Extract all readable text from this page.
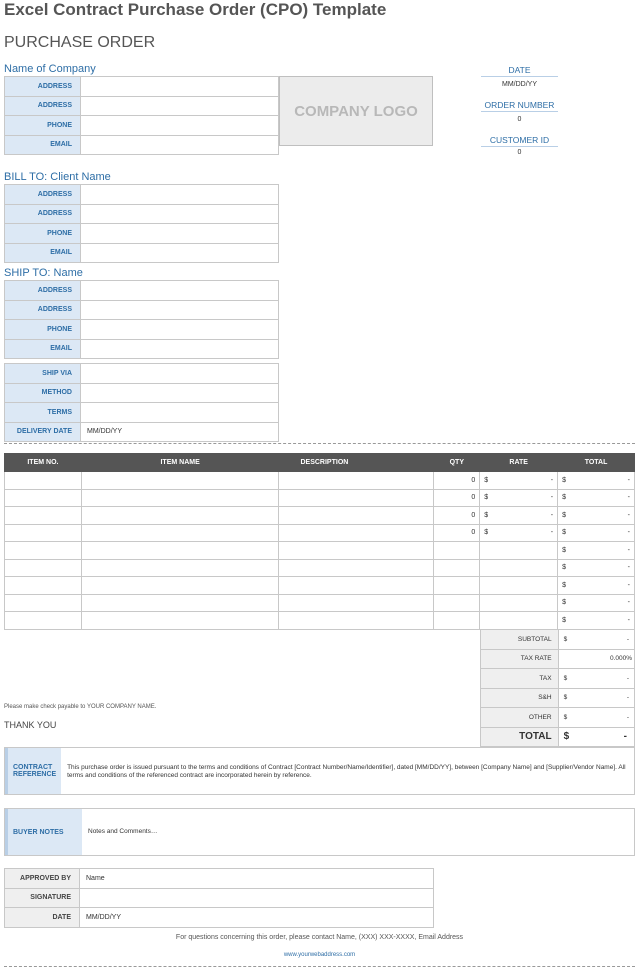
Excel Contract Purchase Order (CPO) Template
PURCHASE ORDER
Name of Company
ADDRESS	
ADDRESS	
PHONE	
EMAIL	
COMPANY LOGO
DATE
MM/DD/YY
ORDER NUMBER
0
CUSTOMER ID
0
BILL TO: Client Name
ADDRESS	
ADDRESS	
PHONE	
EMAIL	
SHIP TO: Name
ADDRESS	
ADDRESS	
PHONE	
EMAIL	
SHIP VIA	
METHOD	
TERMS	
DELIVERY DATE	MM/DD/YY
ITEM NO.	ITEM NAME	DESCRIPTION	QTY	RATE	TOTAL
			0	$ -	$ -

			0	$ -	$ -

			0	$ -	$ -

			0	$ -	$ -

					$ -

					$ -

					$ -

					$ -

					$ -
SUBTOTAL	$ -

TAX RATE	0.000%
TAX	$ -

S&H	$ -

OTHER	$ -

TOTAL	$ -
Please make check payable to YOUR COMPANY NAME.
THANK YOU
CONTRACT REFERENCE
This purchase order is issued pursuant to the terms and conditions of Contract [Contract Number/Name/Identifier], dated [MM/DD/YY], between [Company Name] and [Supplier/Vendor Name]. All terms and conditions of the referenced contract are incorporated herein by reference.
BUYER NOTES	Notes and Comments…
APPROVED BY	Name
SIGNATURE	
DATE	MM/DD/YY
For questions concerning this order, please contact Name, (XXX) XXX-XXXX, Email Address
www.yourwebaddress.com
